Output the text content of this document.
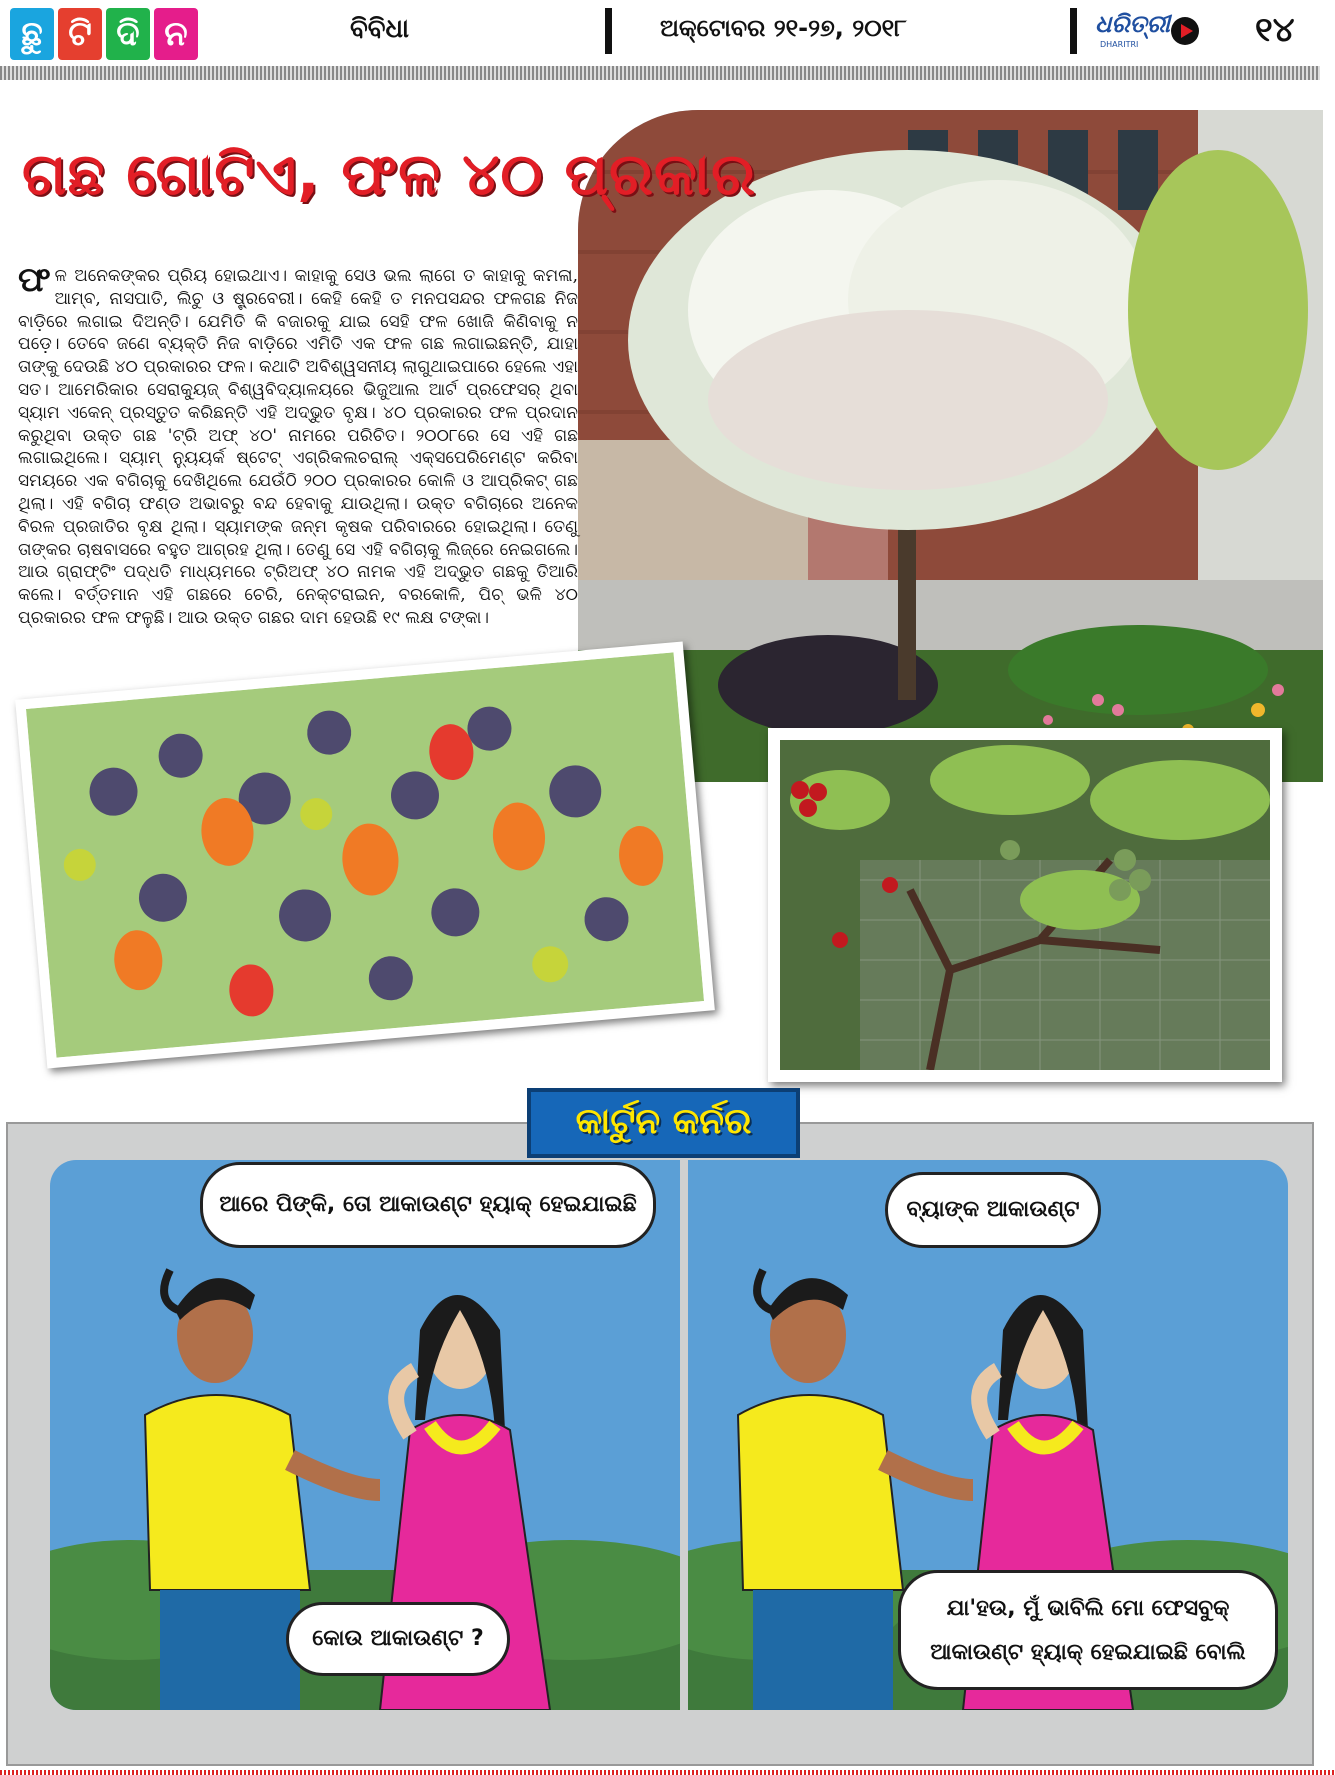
ଛୁ ଟି ଦି ନ	ବିବିଧା	ଅକ୍ଟୋବର ୨୧-୨୭, ୨୦୧୮	ଧରିତ୍ରୀ
DHARITRI	୧୪
ଗଛ ଗୋଟିଏ, ଫଳ ୪୦ ପ୍ରକାର
ଫଳ ଅନେକଙ୍କର ପ୍ରିୟ ହୋଇଥାଏ। କାହାକୁ ସେଓ ଭଲ ଲାଗେ ତ କାହାକୁ କମଳା, ଆମ୍ବ, ନାସପାତି, ଲିଚୁ ଓ ଷ୍ଟ୍ରବେରୀ। କେହି କେହି ତ ମନପସନ୍ଦର ଫଳଗଛ ନିଜ ବାଡ଼ିରେ ଲଗାଇ ଦିଅନ୍ତି। ଯେମିତି କି ବଜାରକୁ ଯାଇ ସେହି ଫଳ ଖୋଜି କିଣିବାକୁ ନ ପଡ଼େ। ତେବେ ଜଣେ ବ୍ୟକ୍ତି ନିଜ ବାଡ଼ିରେ ଏମିତି ଏକ ଫଳ ଗଛ ଲଗାଇଛନ୍ତି, ଯାହା ତାଙ୍କୁ ଦେଉଛି ୪୦ ପ୍ରକାରର ଫଳ। କଥାଟି ଅବିଶ୍ୱସନୀୟ ଲାଗୁଥାଇପାରେ ହେଲେ ଏହା ସତ। ଆମେରିକାର ସେରାକ୍ୟୁଜ୍ ବିଶ୍ୱବିଦ୍ୟାଳୟରେ ଭିଜୁଆଲ ଆର୍ଟ ପ୍ରଫେସର୍ ଥିବା ସ୍ୟାମ ଏକେନ୍ ପ୍ରସ୍ତୁତ କରିଛନ୍ତି ଏହି ଅଦ୍ଭୁତ ବୃକ୍ଷ। ୪୦ ପ୍ରକାରର ଫଳ ପ୍ରଦାନ କରୁଥିବା ଉକ୍ତ ଗଛ 'ଟ୍ରି ଅଫ୍ ୪୦' ନାମରେ ପରିଚିତ। ୨୦୦୮ରେ ସେ ଏହି ଗଛ ଲଗାଇଥିଲେ। ସ୍ୟାମ୍ ନ୍ୟୁୟର୍କ ଷ୍ଟେଟ୍ ଏଗ୍ରିକଲଚରାଲ୍ ଏକ୍ସପେରିମେଣ୍ଟ କରିବା ସମୟରେ ଏକ ବଗିଚାକୁ ଦେଖିଥିଲେ ଯେଉଁଠି ୨୦୦ ପ୍ରକାରର କୋଳି ଓ ଆପ୍ରିକଟ୍ ଗଛ ଥିଲା। ଏହି ବଗିଚା ଫଣ୍ଡ ଅଭାବରୁ ବନ୍ଦ ହେବାକୁ ଯାଉଥିଲା। ଉକ୍ତ ବଗିଚାରେ ଅନେକ ବିରଳ ପ୍ରଜାତିର ବୃକ୍ଷ ଥିଲା। ସ୍ୟାମଙ୍କ ଜନ୍ମ କୃଷକ ପରିବାରରେ ହୋଇଥିଲା। ତେଣୁ ତାଙ୍କର ଚାଷବାସରେ ବହୁତ ଆଗ୍ରହ ଥିଲା। ତେଣୁ ସେ ଏହି ବଗିଚାକୁ ଲିଜ୍‌ରେ ନେଇଗଲେ। ଆଉ ଗ୍ରାଫ୍ଟିଂ ପଦ୍ଧତି ମାଧ୍ୟମରେ ଟ୍ରିଅଫ୍ ୪୦ ନାମକ ଏହି ଅଦ୍ଭୁତ ଗଛକୁ ତିଆରି କଲେ। ବର୍ତ୍ତମାନ ଏହି ଗଛରେ ଚେରି, ନେକ୍ଟରାଇନ, ବରକୋଳି, ପିଚ୍ ଭଳି ୪୦ ପ୍ରକାରର ଫଳ ଫଳୁଛି। ଆଉ ଉକ୍ତ ଗଛର ଦାମ ହେଉଛି ୧୯ ଲକ୍ଷ ଟଙ୍କା।
କାର୍ଟୁନ କର୍ନର
ଆରେ ପିଙ୍କି, ତୋ ଆକାଉଣ୍ଟ ହ୍ୟାକ୍ ହେଇଯାଇଛି	ବ୍ୟାଙ୍କ ଆକାଉଣ୍ଟ
କୋଉ ଆକାଉଣ୍ଟ ?
ଯା'ହଉ, ମୁଁ ଭାବିଲି ମୋ ଫେସବୁକ୍
ଆକାଉଣ୍ଟ ହ୍ୟାକ୍ ହେଇଯାଇଛି ବୋଲି
